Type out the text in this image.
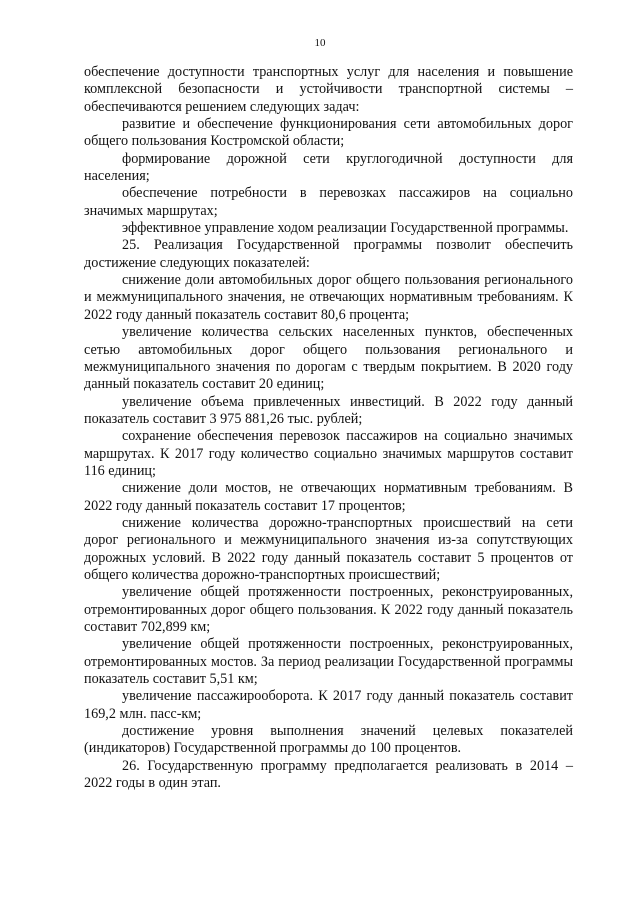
10

обеспечение доступности транспортных услуг для населения и повышение комплексной безопасности и устойчивости транспортной системы – обеспечиваются решением следующих задач:

развитие и обеспечение функционирования сети автомобильных дорог общего пользования Костромской области;

формирование дорожной сети круглогодичной доступности для населения;

обеспечение потребности в перевозках пассажиров на социально значимых маршрутах;

эффективное управление ходом реализации Государственной программы.

25. Реализация Государственной программы позволит обеспечить достижение следующих показателей:

снижение доли автомобильных дорог общего пользования регионального и межмуниципального значения, не отвечающих нормативным требованиям. К 2022 году данный показатель составит 80,6 процента;

увеличение количества сельских населенных пунктов, обеспеченных сетью автомобильных дорог общего пользования регионального и межмуниципального значения по дорогам с твердым покрытием. В 2020 году данный показатель составит 20 единиц;

увеличение объема привлеченных инвестиций. В 2022 году данный показатель составит 3 975 881,26 тыс. рублей;

сохранение обеспечения перевозок пассажиров на социально значимых маршрутах. К 2017 году количество социально значимых маршрутов составит 116 единиц;

снижение доли мостов, не отвечающих нормативным требованиям. В 2022 году данный показатель составит 17 процентов;

снижение количества дорожно-транспортных происшествий на сети дорог регионального и межмуниципального значения из-за сопутствующих дорожных условий. В 2022 году данный показатель составит 5 процентов от общего количества дорожно-транспортных происшествий;

увеличение общей протяженности построенных, реконструированных, отремонтированных дорог общего пользования. К 2022 году данный показатель составит 702,899 км;

увеличение общей протяженности построенных, реконструированных, отремонтированных мостов. За период реализации Государственной программы показатель составит 5,51 км;

увеличение пассажирооборота. К 2017 году данный показатель составит 169,2 млн. пасс-км;

достижение уровня выполнения значений целевых показателей (индикаторов) Государственной программы до 100 процентов.

26. Государственную программу предполагается реализовать в 2014 – 2022 годы в один этап.
